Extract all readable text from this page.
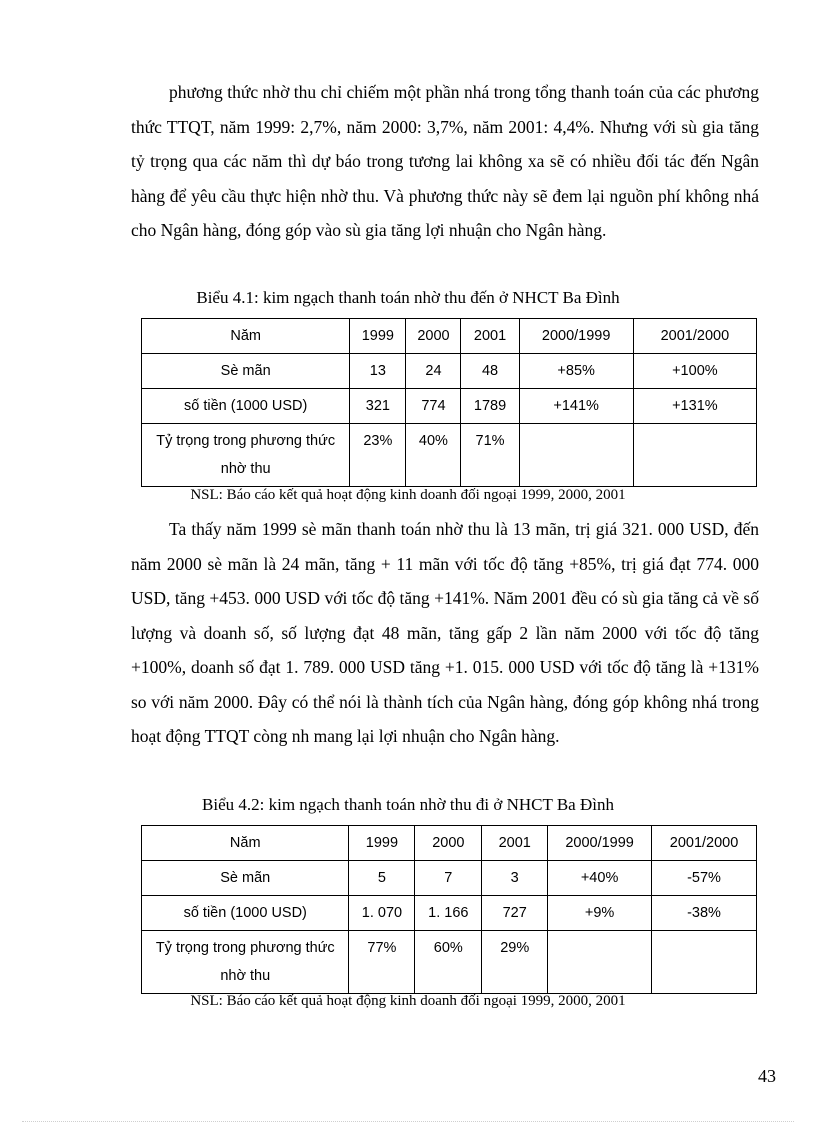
phương thức nhờ thu chỉ chiếm một phần nhá trong tổng thanh toán của các phương thức TTQT, năm 1999: 2,7%, năm 2000: 3,7%, năm 2001: 4,4%. Nhưng với sù gia tăng tỷ trọng qua các năm thì dự báo trong tương lai không xa sẽ có nhiều đối tác đến Ngân hàng để yêu cầu thực hiện nhờ thu. Và phương thức này sẽ đem lại nguồn phí không nhá cho Ngân hàng, đóng góp vào sù gia tăng lợi nhuận cho Ngân hàng.

Biểu 4.1: kim ngạch thanh toán nhờ thu đến ở NHCT Ba Đình

Năm	1999	2000	2001	2000/1999	2001/2000
Sè mãn	13	24	48	+85%	+100%
số tiền (1000 USD)	321	774	1789	+141%	+131%
Tỷ trọng trong phương thức nhờ thu	23%	40%	71%		

NSL: Báo cáo kết quả hoạt động kinh doanh đối ngoại 1999, 2000, 2001

Ta thấy năm 1999 sè mãn thanh toán nhờ thu là 13 mãn, trị giá 321. 000 USD, đến năm 2000 sè mãn là 24 mãn, tăng + 11 mãn với tốc độ tăng +85%, trị giá đạt 774. 000 USD, tăng +453. 000 USD với tốc độ tăng +141%. Năm 2001 đều có sù gia tăng cả về số lượng và doanh số, số lượng đạt 48 mãn, tăng gấp 2 lần năm 2000 với tốc độ tăng +100%, doanh số đạt 1. 789. 000 USD tăng +1. 015. 000 USD với tốc độ tăng là +131% so với năm 2000. Đây có thể nói là thành tích của Ngân hàng, đóng góp không nhá trong hoạt động TTQT còng nh mang lại lợi nhuận cho Ngân hàng.

Biểu 4.2: kim ngạch thanh toán nhờ thu đi ở NHCT Ba Đình

Năm	1999	2000	2001	2000/1999	2001/2000
Sè mãn	5	7	3	+40%	-57%
số tiền (1000 USD)	1. 070	1. 166	727	+9%	-38%
Tỷ trọng trong phương thức nhờ thu	77%	60%	29%		

NSL: Báo cáo kết quả hoạt động kinh doanh đối ngoại 1999, 2000, 2001

43
